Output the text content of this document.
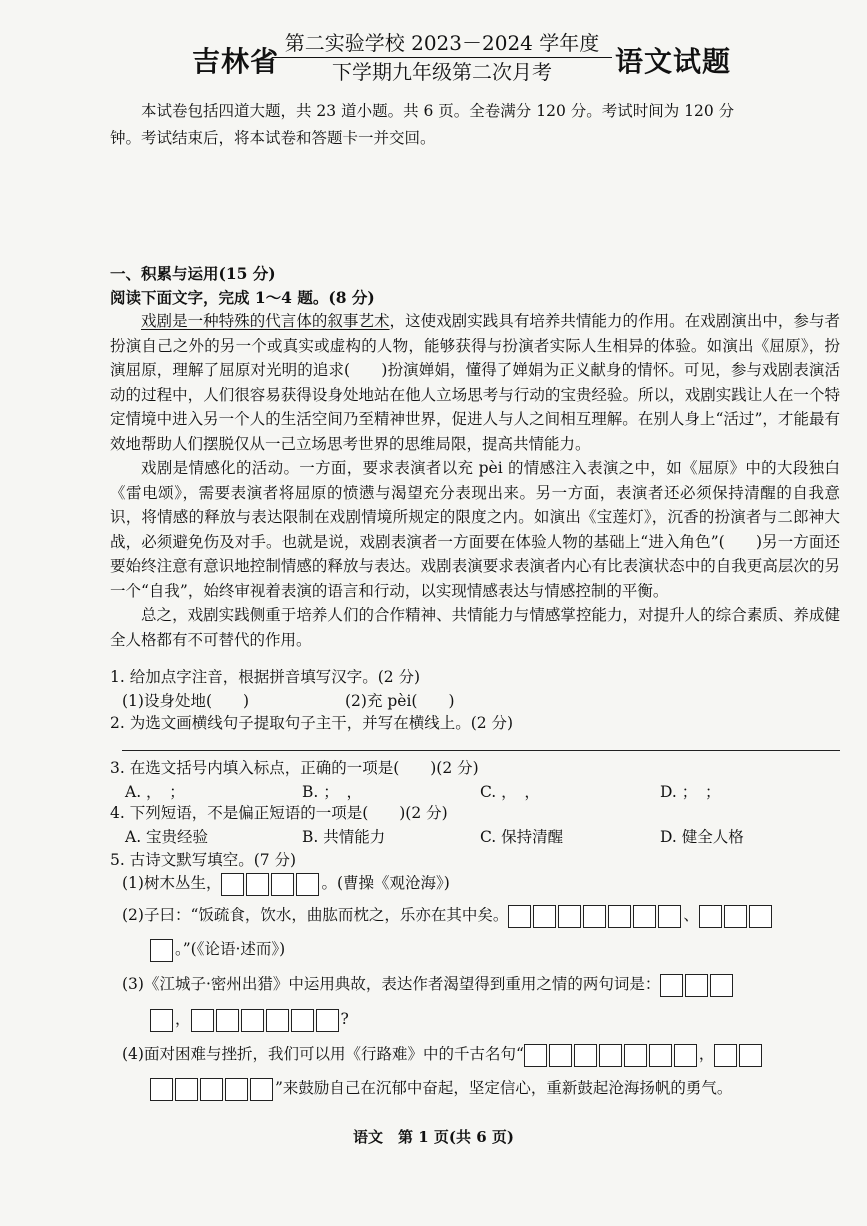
吉林省
第二实验学校 2023－2024 学年度
下学期九年级第二次月考	语文试题
本试卷包括四道大题，共 23 道小题。共 6 页。全卷满分 120 分。考试时间为 120 分
钟。考试结束后，将本试卷和答题卡一并交回。
一、积累与运用(15 分)
阅读下面文字，完成 1～4 题。(8 分)

戏剧是一种特殊的代言体的叙事艺术，这使戏剧实践具有培养共情能力的作用。在戏剧演出中，参与者扮演自己之外的另一个或真实或虚构的人物，能够获得与扮演者实际人生相异的体验。如演出《屈原》，扮演屈原，理解了屈原对光明的追求(　　)扮演婵娟，懂得了婵娟为正义献身的情怀。可见，参与戏剧表演活动的过程中，人们很容易获得设身处地站在他人立场思考与行动的宝贵经验。所以，戏剧实践让人在一个特定情境中进入另一个人的生活空间乃至精神世界，促进人与人之间相互理解。在别人身上“活过”，才能最有效地帮助人们摆脱仅从一己立场思考世界的思维局限，提高共情能力。

戏剧是情感化的活动。一方面，要求表演者以充 pèi 的情感注入表演之中，如《屈原》中的大段独白《雷电颂》，需要表演者将屈原的愤懑与渴望充分表现出来。另一方面，表演者还必须保持清醒的自我意识，将情感的释放与表达限制在戏剧情境所规定的限度之内。如演出《宝莲灯》，沉香的扮演者与二郎神大战，必须避免伤及对手。也就是说，戏剧表演者一方面要在体验人物的基础上“进入角色”(　　)另一方面还要始终注意有意识地控制情感的释放与表达。戏剧表演要求表演者内心有比表演状态中的自我更高层次的另一个“自我”，始终审视着表演的语言和行动，以实现情感表达与情感控制的平衡。

总之，戏剧实践侧重于培养人们的合作精神、共情能力与情感掌控能力，对提升人的综合素质、养成健全人格都有不可替代的作用。

1. 给加点字注音，根据拼音填写汉字。(2 分)
(1)设身处地(　　)	(2)充 pèi(　　)
2. 为选文画横线句子提取句子主干，并写在横线上。(2 分)
3. 在选文括号内填入标点，正确的一项是(　　)(2 分)
A. ，　；	B. ；　，	C. ，　，	D. ；　；
4. 下列短语，不是偏正短语的一项是(　　)(2 分)
A. 宝贵经验	B. 共情能力	C. 保持清醒	D. 健全人格
5. 古诗文默写填空。(7 分)
(1)树木丛生，	。(曹操《观沧海》)
(2)子曰：“饭疏食，饮水，曲肱而枕之，乐亦在其中矣。	、
。”(《论语·述而》)
(3)《江城子·密州出猎》中运用典故，表达作者渴望得到重用之情的两句词是：
，	?
(4)面对困难与挫折，我们可以用《行路难》中的千古名句“	，
”来鼓励自己在沉郁中奋起，坚定信心，重新鼓起沧海扬帆的勇气。
语文　第 1 页(共 6 页)
